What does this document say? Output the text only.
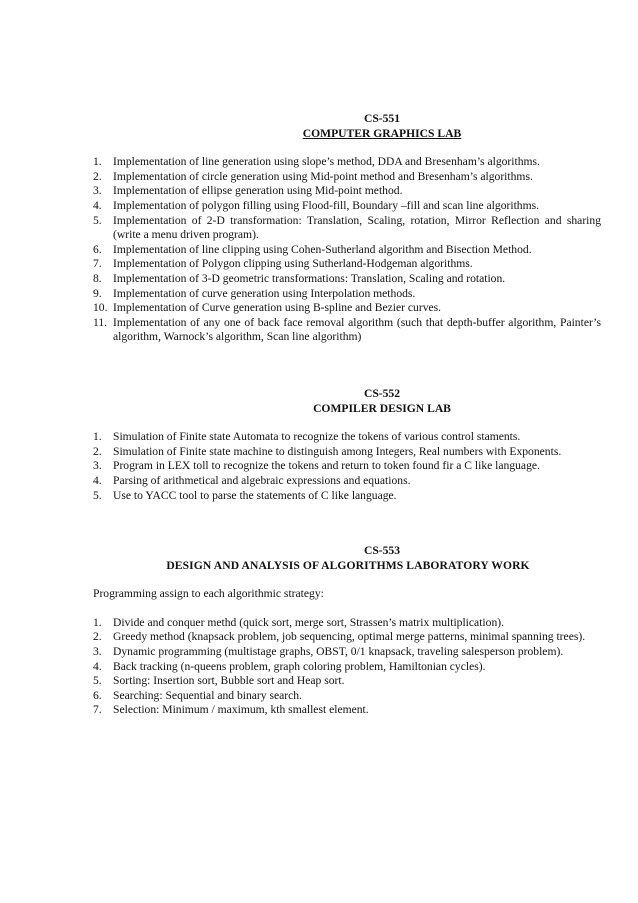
CS-551

COMPUTER GRAPHICS LAB

1. Implementation of line generation using slope’s method, DDA and Bresenham’s algorithms.
2. Implementation of circle generation using Mid-point method and Bresenham’s algorithms.
3. Implementation of ellipse generation using Mid-point method.
4. Implementation of polygon filling using Flood-fill, Boundary –fill and scan line algorithms.
5. Implementation of 2-D transformation: Translation, Scaling, rotation, Mirror Reflection and sharing (write a menu driven program).
6. Implementation of line clipping using Cohen-Sutherland algorithm and Bisection Method.
7. Implementation of Polygon clipping using Sutherland-Hodgeman algorithms.
8. Implementation of 3-D geometric transformations: Translation, Scaling and rotation.
9. Implementation of curve generation using Interpolation methods.
10. Implementation of Curve generation using B-spline and Bezier curves.
11. Implementation of any one of back face removal algorithm (such that depth-buffer algorithm, Painter’s algorithm, Warnock’s algorithm, Scan line algorithm)

CS-552

COMPILER DESIGN LAB

1. Simulation of Finite state Automata to recognize the tokens of various control staments.
2. Simulation of Finite state machine to distinguish among Integers, Real numbers with Exponents.
3. Program in LEX toll to recognize the tokens and return to token found fir a C like language.
4. Parsing of arithmetical and algebraic expressions and equations.
5. Use to YACC tool to parse the statements of C like language.

CS-553

DESIGN AND ANALYSIS OF ALGORITHMS LABORATORY WORK

Programming assign to each algorithmic strategy:

1. Divide and conquer methd (quick sort, merge sort, Strassen’s matrix multiplication).
2. Greedy method (knapsack problem, job sequencing, optimal merge patterns, minimal spanning trees).
3. Dynamic programming (multistage graphs, OBST, 0/1 knapsack, traveling salesperson problem).
4. Back tracking (n-queens problem, graph coloring problem, Hamiltonian cycles).
5. Sorting: Insertion sort, Bubble sort and Heap sort.
6. Searching: Sequential and binary search.
7. Selection: Minimum / maximum, kth smallest element.
